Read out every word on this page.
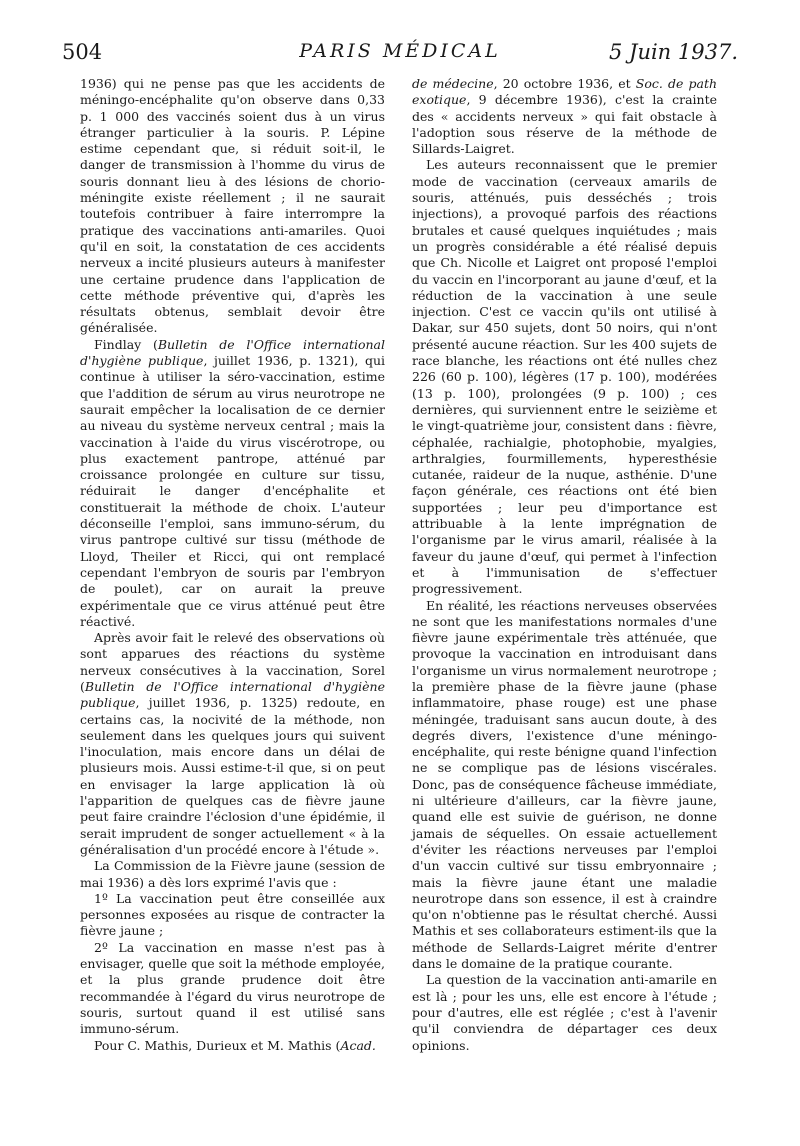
504	PARIS MÉDICAL	5 Juin 1937.

1936) qui ne pense pas que les accidents de méningo-encéphalite qu'on observe dans 0,33 p. 1 000 des vaccinés soient dus à un virus étranger particulier à la souris. P. Lépine estime cependant que, si réduit soit-il, le danger de transmission à l'homme du virus de souris donnant lieu à des lésions de chorio-méningite existe réellement ; il ne saurait toutefois contribuer à faire interrompre la pratique des vaccinations anti-amariles. Quoi qu'il en soit, la constatation de ces accidents nerveux a incité plusieurs auteurs à manifester une certaine prudence dans l'application de cette méthode préventive qui, d'après les résultats obtenus, semblait devoir être généralisée.

Findlay (Bulletin de l'Office international d'hygiène publique, juillet 1936, p. 1321), qui continue à utiliser la séro-vaccination, estime que l'addition de sérum au virus neurotrope ne saurait empêcher la localisation de ce dernier au niveau du système nerveux central ; mais la vaccination à l'aide du virus viscérotrope, ou plus exactement pantrope, atténué par croissance prolongée en culture sur tissu, réduirait le danger d'encéphalite et constituerait la méthode de choix. L'auteur déconseille l'emploi, sans immuno-sérum, du virus pantrope cultivé sur tissu (méthode de Lloyd, Theiler et Ricci, qui ont remplacé cependant l'embryon de souris par l'embryon de poulet), car on aurait la preuve expérimentale que ce virus atténué peut être réactivé.

Après avoir fait le relevé des observations où sont apparues des réactions du système nerveux consécutives à la vaccination, Sorel (Bulletin de l'Office international d'hygiène publique, juillet 1936, p. 1325) redoute, en certains cas, la nocivité de la méthode, non seulement dans les quelques jours qui suivent l'inoculation, mais encore dans un délai de plusieurs mois. Aussi estime-t-il que, si on peut en envisager la large application là où l'apparition de quelques cas de fièvre jaune peut faire craindre l'éclosion d'une épidémie, il serait imprudent de songer actuellement « à la généralisation d'un procédé encore à l'étude ».

La Commission de la Fièvre jaune (session de mai 1936) a dès lors exprimé l'avis que :

1º La vaccination peut être conseillée aux personnes exposées au risque de contracter la fièvre jaune ;

2º La vaccination en masse n'est pas à envisager, quelle que soit la méthode employée, et la plus grande prudence doit être recommandée à l'égard du virus neurotrope de souris, surtout quand il est utilisé sans immuno-sérum.

Pour C. Mathis, Durieux et M. Mathis (Acad.

de médecine, 20 octobre 1936, et Soc. de path exotique, 9 décembre 1936), c'est la crainte des « accidents nerveux » qui fait obstacle à l'adoption sous réserve de la méthode de Sillards-Laigret.

Les auteurs reconnaissent que le premier mode de vaccination (cerveaux amarils de souris, atténués, puis desséchés ; trois injections), a provoqué parfois des réactions brutales et causé quelques inquiétudes ; mais un progrès considérable a été réalisé depuis que Ch. Nicolle et Laigret ont proposé l'emploi du vaccin en l'incorporant au jaune d'œuf, et la réduction de la vaccination à une seule injection. C'est ce vaccin qu'ils ont utilisé à Dakar, sur 450 sujets, dont 50 noirs, qui n'ont présenté aucune réaction. Sur les 400 sujets de race blanche, les réactions ont été nulles chez 226 (60 p. 100), légères (17 p. 100), modérées (13 p. 100), prolongées (9 p. 100) ; ces dernières, qui surviennent entre le seizième et le vingt-quatrième jour, consistent dans : fièvre, céphalée, rachialgie, photophobie, myalgies, arthralgies, fourmillements, hyperesthésie cutanée, raideur de la nuque, asthénie. D'une façon générale, ces réactions ont été bien supportées ; leur peu d'importance est attribuable à la lente imprégnation de l'organisme par le virus amaril, réalisée à la faveur du jaune d'œuf, qui permet à l'infection et à l'immunisation de s'effectuer progressivement.

En réalité, les réactions nerveuses observées ne sont que les manifestations normales d'une fièvre jaune expérimentale très atténuée, que provoque la vaccination en introduisant dans l'organisme un virus normalement neurotrope ; la première phase de la fièvre jaune (phase inflammatoire, phase rouge) est une phase méningée, traduisant sans aucun doute, à des degrés divers, l'existence d'une méningo-encéphalite, qui reste bénigne quand l'infection ne se complique pas de lésions viscérales. Donc, pas de conséquence fâcheuse immédiate, ni ultérieure d'ailleurs, car la fièvre jaune, quand elle est suivie de guérison, ne donne jamais de séquelles. On essaie actuellement d'éviter les réactions nerveuses par l'emploi d'un vaccin cultivé sur tissu embryonnaire ; mais la fièvre jaune étant une maladie neurotrope dans son essence, il est à craindre qu'on n'obtienne pas le résultat cherché. Aussi Mathis et ses collaborateurs estiment-ils que la méthode de Sellards-Laigret mérite d'entrer dans le domaine de la pratique courante.

La question de la vaccination anti-amarile en est là ; pour les uns, elle est encore à l'étude ; pour d'autres, elle est réglée ; c'est à l'avenir qu'il conviendra de départager ces deux opinions.
